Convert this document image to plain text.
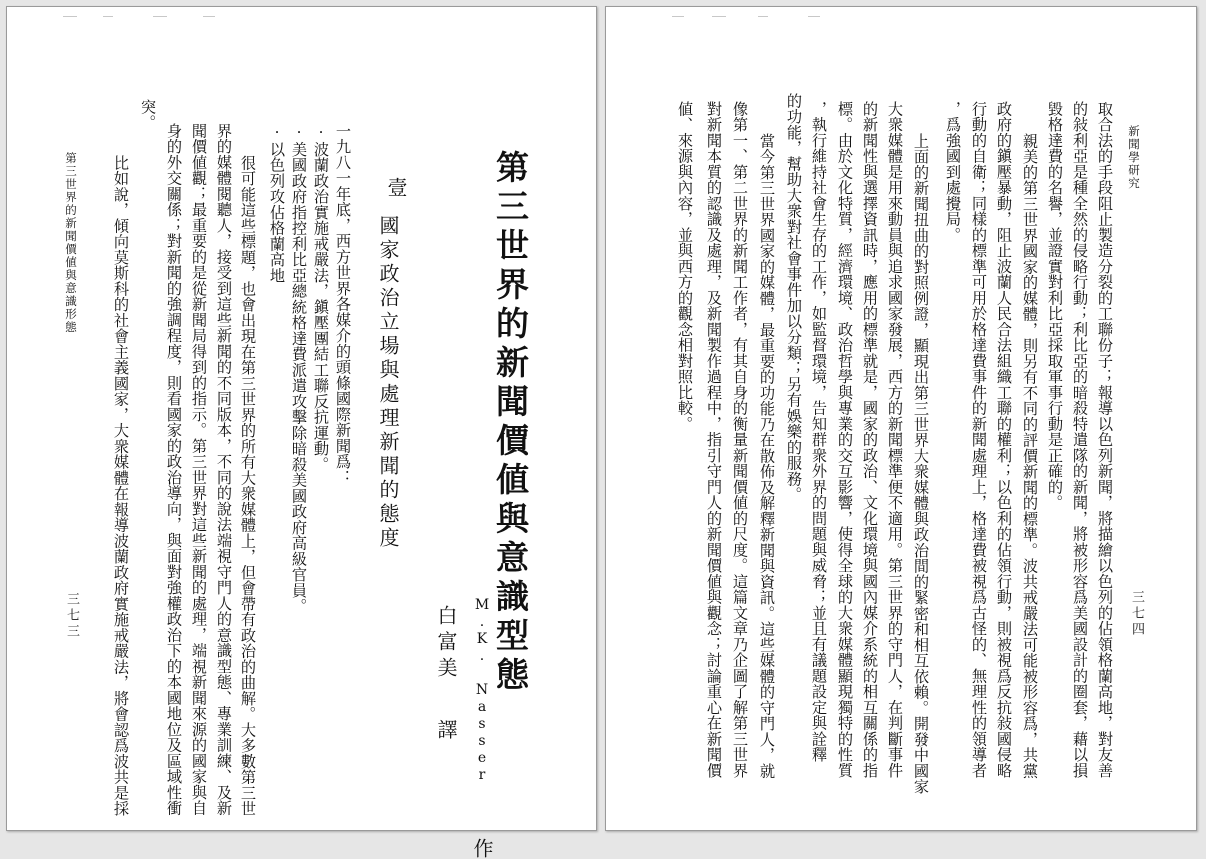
第三世界的新聞價値與意識型態
M.K. Nasser作
白富美譯
壹
國家政治立場與處理新聞的態度
一九八一年底，西方世界各媒介的頭條國際新聞爲：
·波蘭政治實施戒嚴法，鎭壓團結工聯反抗運動。
·美國政府指控利比亞總統格達費派遣攻擊除暗殺美國政府高級官員。
·以色列攻佔格蘭高地
很可能這些標題，也會出現在第三世界的所有大衆媒體上，但會帶有政治的曲解。大多數第三世
界的媒體閱聽人，接受到這些新聞的不同版本，不同的說法端視守門人的意識型態、專業訓練、及新
聞價値觀；最重要的是從新聞局得到的指示。第三世界對這些新聞的處理，端視新聞來源的國家與自
身的外交關係；對新聞的強調程度，則看國家的政治導向，與面對強權政治下的本國地位及區域性衝
突。
比如說，傾向莫斯科的社會主義國家，大衆媒體在報導波蘭政府實施戒嚴法，將會認爲波共是採
第三世界的新聞價値與意識形態
三七三
新聞學研究
三七四
取合法的手段阻止製造分裂的工聯份子；報導以色列新聞，將描繪以色列的佔領格蘭高地，對友善
的敍利亞是種全然的侵略行動；利比亞的暗殺特遣隊的新聞，將被形容爲美國設計的圈套，藉以損
毀格達費的名譽，並證實對利比亞採取軍事行動是正確的。
親美的第三世界國家的媒體，則另有不同的評價新聞的標準。波共戒嚴法可能被形容爲，共黨
政府的鎭壓暴動，阻止波蘭人民合法組織工聯的權利；以色利的佔領行動，則被視爲反抗敍國侵略
行動的自衛；同樣的標準可用於格達費事件的新聞處理上，格達費被視爲古怪的、無理性的領導者
，爲強國到處攪局。
上面的新聞扭曲的對照例證，顯現出第三世界大衆媒體與政治間的緊密和相互依賴。開發中國家
大衆媒體是用來動員與追求國家發展，西方的新聞標準便不適用。第三世界的守門人，在判斷事件
的新聞性與選擇資訊時，應用的標準就是，國家的政治、文化環境與國內媒介系統的相互關係的指
標。由於文化特質，經濟環境、政治哲學與專業的交互影響，使得全球的大衆媒體顯現獨特的性質
，執行維持社會生存的工作，如監督環境，告知群衆外界的問題與威脅；並且有議題設定與詮釋
的功能，幫助大衆對社會事件加以分類；另有娛樂的服務。
當今第三世界國家的媒體，最重要的功能乃在散佈及解釋新聞與資訊。這些媒體的守門人，就
像第一、第二世界的新聞工作者，有其自身的衡量新聞價値的尺度。這篇文章乃企圖了解第三世界
對新聞本質的認識及處理，及新聞製作過程中，指引守門人的新聞價値與觀念；討論重心在新聞價
値、來源與內容，並與西方的觀念相對照比較。
